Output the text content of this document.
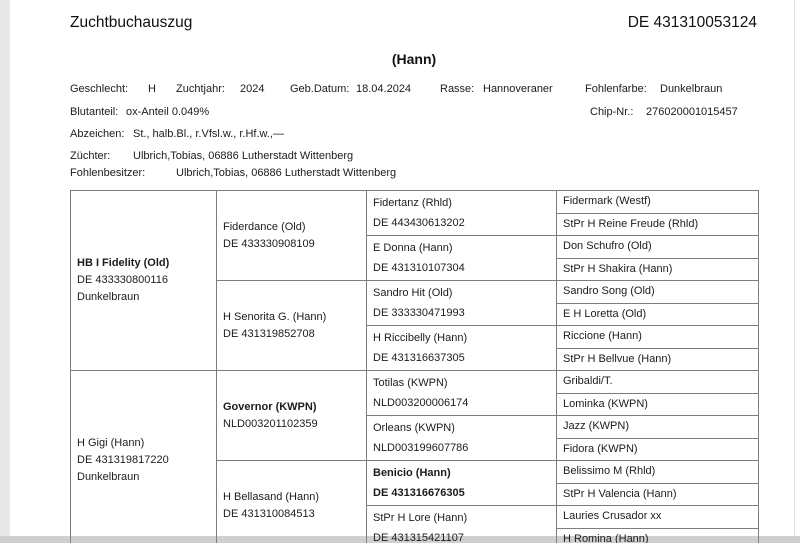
Zuchtbuchauszug	DE 431310053124
(Hann)
Geschlecht: H Zuchtjahr: 2024 Geb.Datum: 18.04.2024	Rasse: Hannoveraner	Fohlenfarbe: Dunkelbraun
Blutanteil: ox-Anteil 0.049%	Chip-Nr.: 276020001015457
Abzeichen: St., halb.Bl., r.Vfsl.w., r.Hf.w.,—
Züchter: Ulbrich,Tobias, 06886 Lutherstadt Wittenberg
Fohlenbesitzer:	Ulbrich,Tobias, 06886 Lutherstadt Wittenberg
HB I Fidelity (Old)
DE 433330800116
Dunkelbraun

Fiderdance (Old)
DE 433330908109

Fidertanz (Rhld)
DE 443430613202

Fidermark (Westf)

			StPr H Reine Freude (Rhld)

		E Donna (Hann)
DE 431310107304	Don Schufro (Old)

			StPr H Shakira (Hann)

H Senorita G. (Hann)
DE 431319852708

Sandro Hit (Old)
DE 333330471993

Sandro Song (Old)

			E H Loretta (Old)

		H Riccibelly (Hann)
DE 431316637305	Riccione (Hann)

			StPr H Bellvue (Hann)

H Gigi (Hann)
DE 431319817220
Dunkelbraun

Governor (KWPN)
NLD003201102359

Totilas (KWPN)
NLD003200006174

Gribaldi/T.

			Lominka (KWPN)

		Orleans (KWPN)
NLD003199607786	Jazz (KWPN)

			Fidora (KWPN)

H Bellasand (Hann)
DE 431310084513

Benicio (Hann)
DE 431316676305

Belissimo M (Rhld)

			StPr H Valencia (Hann)

		StPr H Lore (Hann)
DE 431315421107	Lauries Crusador xx

			H Romina (Hann)
